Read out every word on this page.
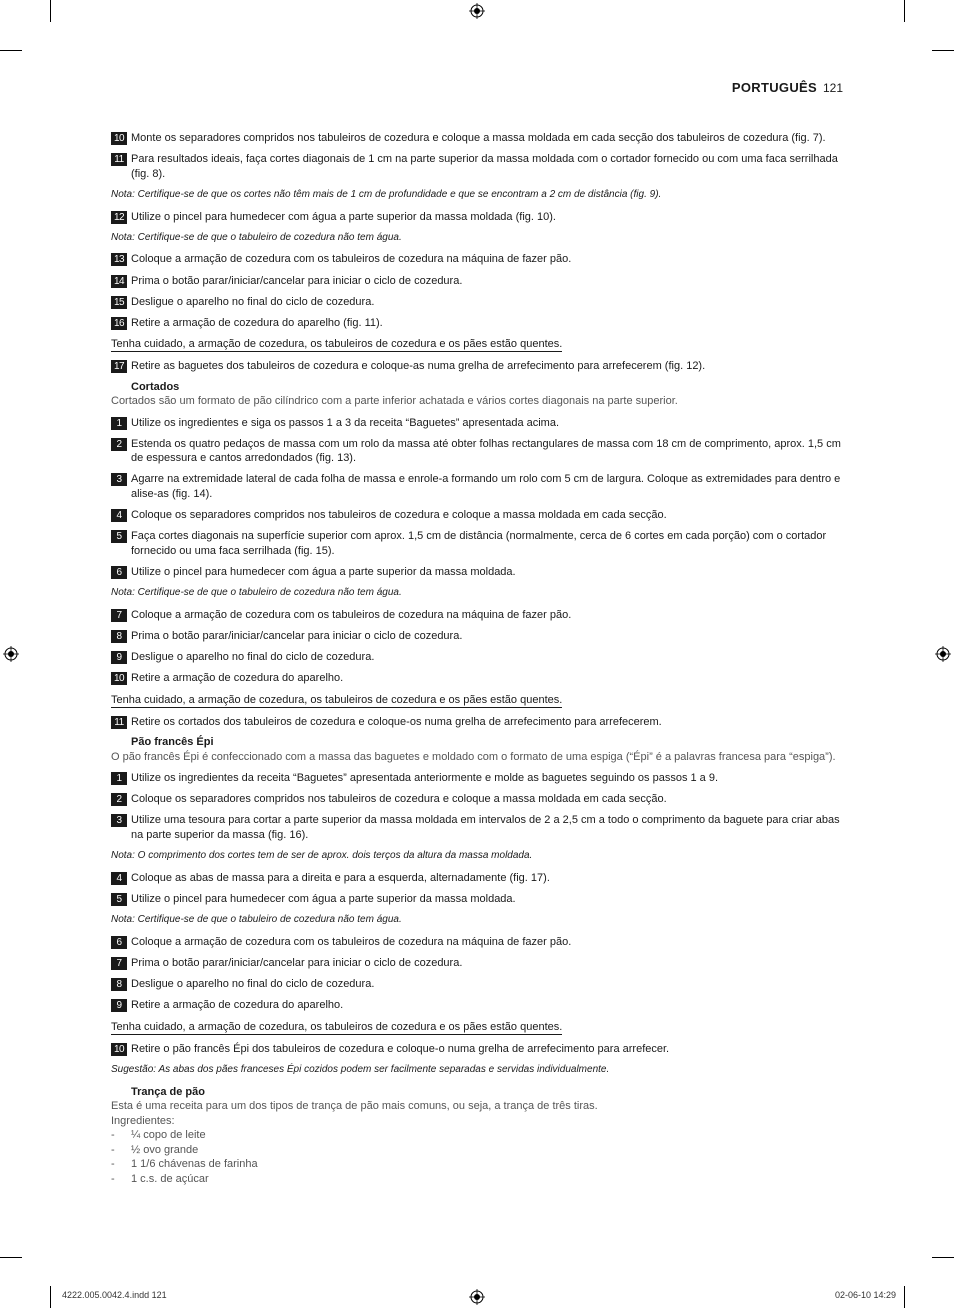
PORTUGUÊS 121
10 Monte os separadores compridos nos tabuleiros de cozedura e coloque a massa moldada em cada secção dos tabuleiros de cozedura (fig. 7).
11 Para resultados ideais, faça cortes diagonais de 1 cm na parte superior da massa moldada com o cortador fornecido ou com uma faca serrilhada (fig. 8).
Nota: Certifique-se de que os cortes não têm mais de 1 cm de profundidade e que se encontram a 2 cm de distância (fig. 9).
12 Utilize o pincel para humedecer com água a parte superior da massa moldada (fig. 10).
Nota: Certifique-se de que o tabuleiro de cozedura não tem água.
13 Coloque a armação de cozedura com os tabuleiros de cozedura na máquina de fazer pão.
14 Prima o botão parar/iniciar/cancelar para iniciar o ciclo de cozedura.
15 Desligue o aparelho no final do ciclo de cozedura.
16 Retire a armação de cozedura do aparelho (fig. 11).
Tenha cuidado, a armação de cozedura, os tabuleiros de cozedura e os pães estão quentes.
17 Retire as baguetes dos tabuleiros de cozedura e coloque-as numa grelha de arrefecimento para arrefecerem (fig. 12).
Cortados
Cortados são um formato de pão cilíndrico com a parte inferior achatada e vários cortes diagonais na parte superior.
1 Utilize os ingredientes e siga os passos 1 a 3 da receita “Baguetes” apresentada acima.
2 Estenda os quatro pedaços de massa com um rolo da massa até obter folhas rectangulares de massa com 18 cm de comprimento, aprox. 1,5 cm de espessura e cantos arredondados (fig. 13).
3 Agarre na extremidade lateral de cada folha de massa e enrole-a formando um rolo com 5 cm de largura. Coloque as extremidades para dentro e alise-as (fig. 14).
4 Coloque os separadores compridos nos tabuleiros de cozedura e coloque a massa moldada em cada secção.
5 Faça cortes diagonais na superfície superior com aprox. 1,5 cm de distância (normalmente, cerca de 6 cortes em cada porção) com o cortador fornecido ou uma faca serrilhada (fig. 15).
6 Utilize o pincel para humedecer com água a parte superior da massa moldada.
Nota: Certifique-se de que o tabuleiro de cozedura não tem água.
7 Coloque a armação de cozedura com os tabuleiros de cozedura na máquina de fazer pão.
8 Prima o botão parar/iniciar/cancelar para iniciar o ciclo de cozedura.
9 Desligue o aparelho no final do ciclo de cozedura.
10 Retire a armação de cozedura do aparelho.
Tenha cuidado, a armação de cozedura, os tabuleiros de cozedura e os pães estão quentes.
11 Retire os cortados dos tabuleiros de cozedura e coloque-os numa grelha de arrefecimento para arrefecerem.
Pão francês Épi
O pão francês Épi é confeccionado com a massa das baguetes e moldado com o formato de uma espiga (“Épi” é a palavras francesa para “espiga”).
1 Utilize os ingredientes da receita “Baguetes” apresentada anteriormente e molde as baguetes seguindo os passos 1 a 9.
2 Coloque os separadores compridos nos tabuleiros de cozedura e coloque a massa moldada em cada secção.
3 Utilize uma tesoura para cortar a parte superior da massa moldada em intervalos de 2 a 2,5 cm a todo o comprimento da baguete para criar abas na parte superior da massa (fig. 16).
Nota: O comprimento dos cortes tem de ser de aprox. dois terços da altura da massa moldada.
4 Coloque as abas de massa para a direita e para a esquerda, alternadamente (fig. 17).
5 Utilize o pincel para humedecer com água a parte superior da massa moldada.
Nota: Certifique-se de que o tabuleiro de cozedura não tem água.
6 Coloque a armação de cozedura com os tabuleiros de cozedura na máquina de fazer pão.
7 Prima o botão parar/iniciar/cancelar para iniciar o ciclo de cozedura.
8 Desligue o aparelho no final do ciclo de cozedura.
9 Retire a armação de cozedura do aparelho.
Tenha cuidado, a armação de cozedura, os tabuleiros de cozedura e os pães estão quentes.
10 Retire o pão francês Épi dos tabuleiros de cozedura e coloque-o numa grelha de arrefecimento para arrefecer.
Sugestão: As abas dos pães franceses Épi cozidos podem ser facilmente separadas e servidas individualmente.
Trança de pão
Esta é uma receita para um dos tipos de trança de pão mais comuns, ou seja, a trança de três tiras.
Ingredientes:
-	¼ copo de leite
-	½ ovo grande
-	1 1/6 chávenas de farinha
-	1 c.s. de açúcar
4222.005.0042.4.indd 121	02-06-10 14:29
